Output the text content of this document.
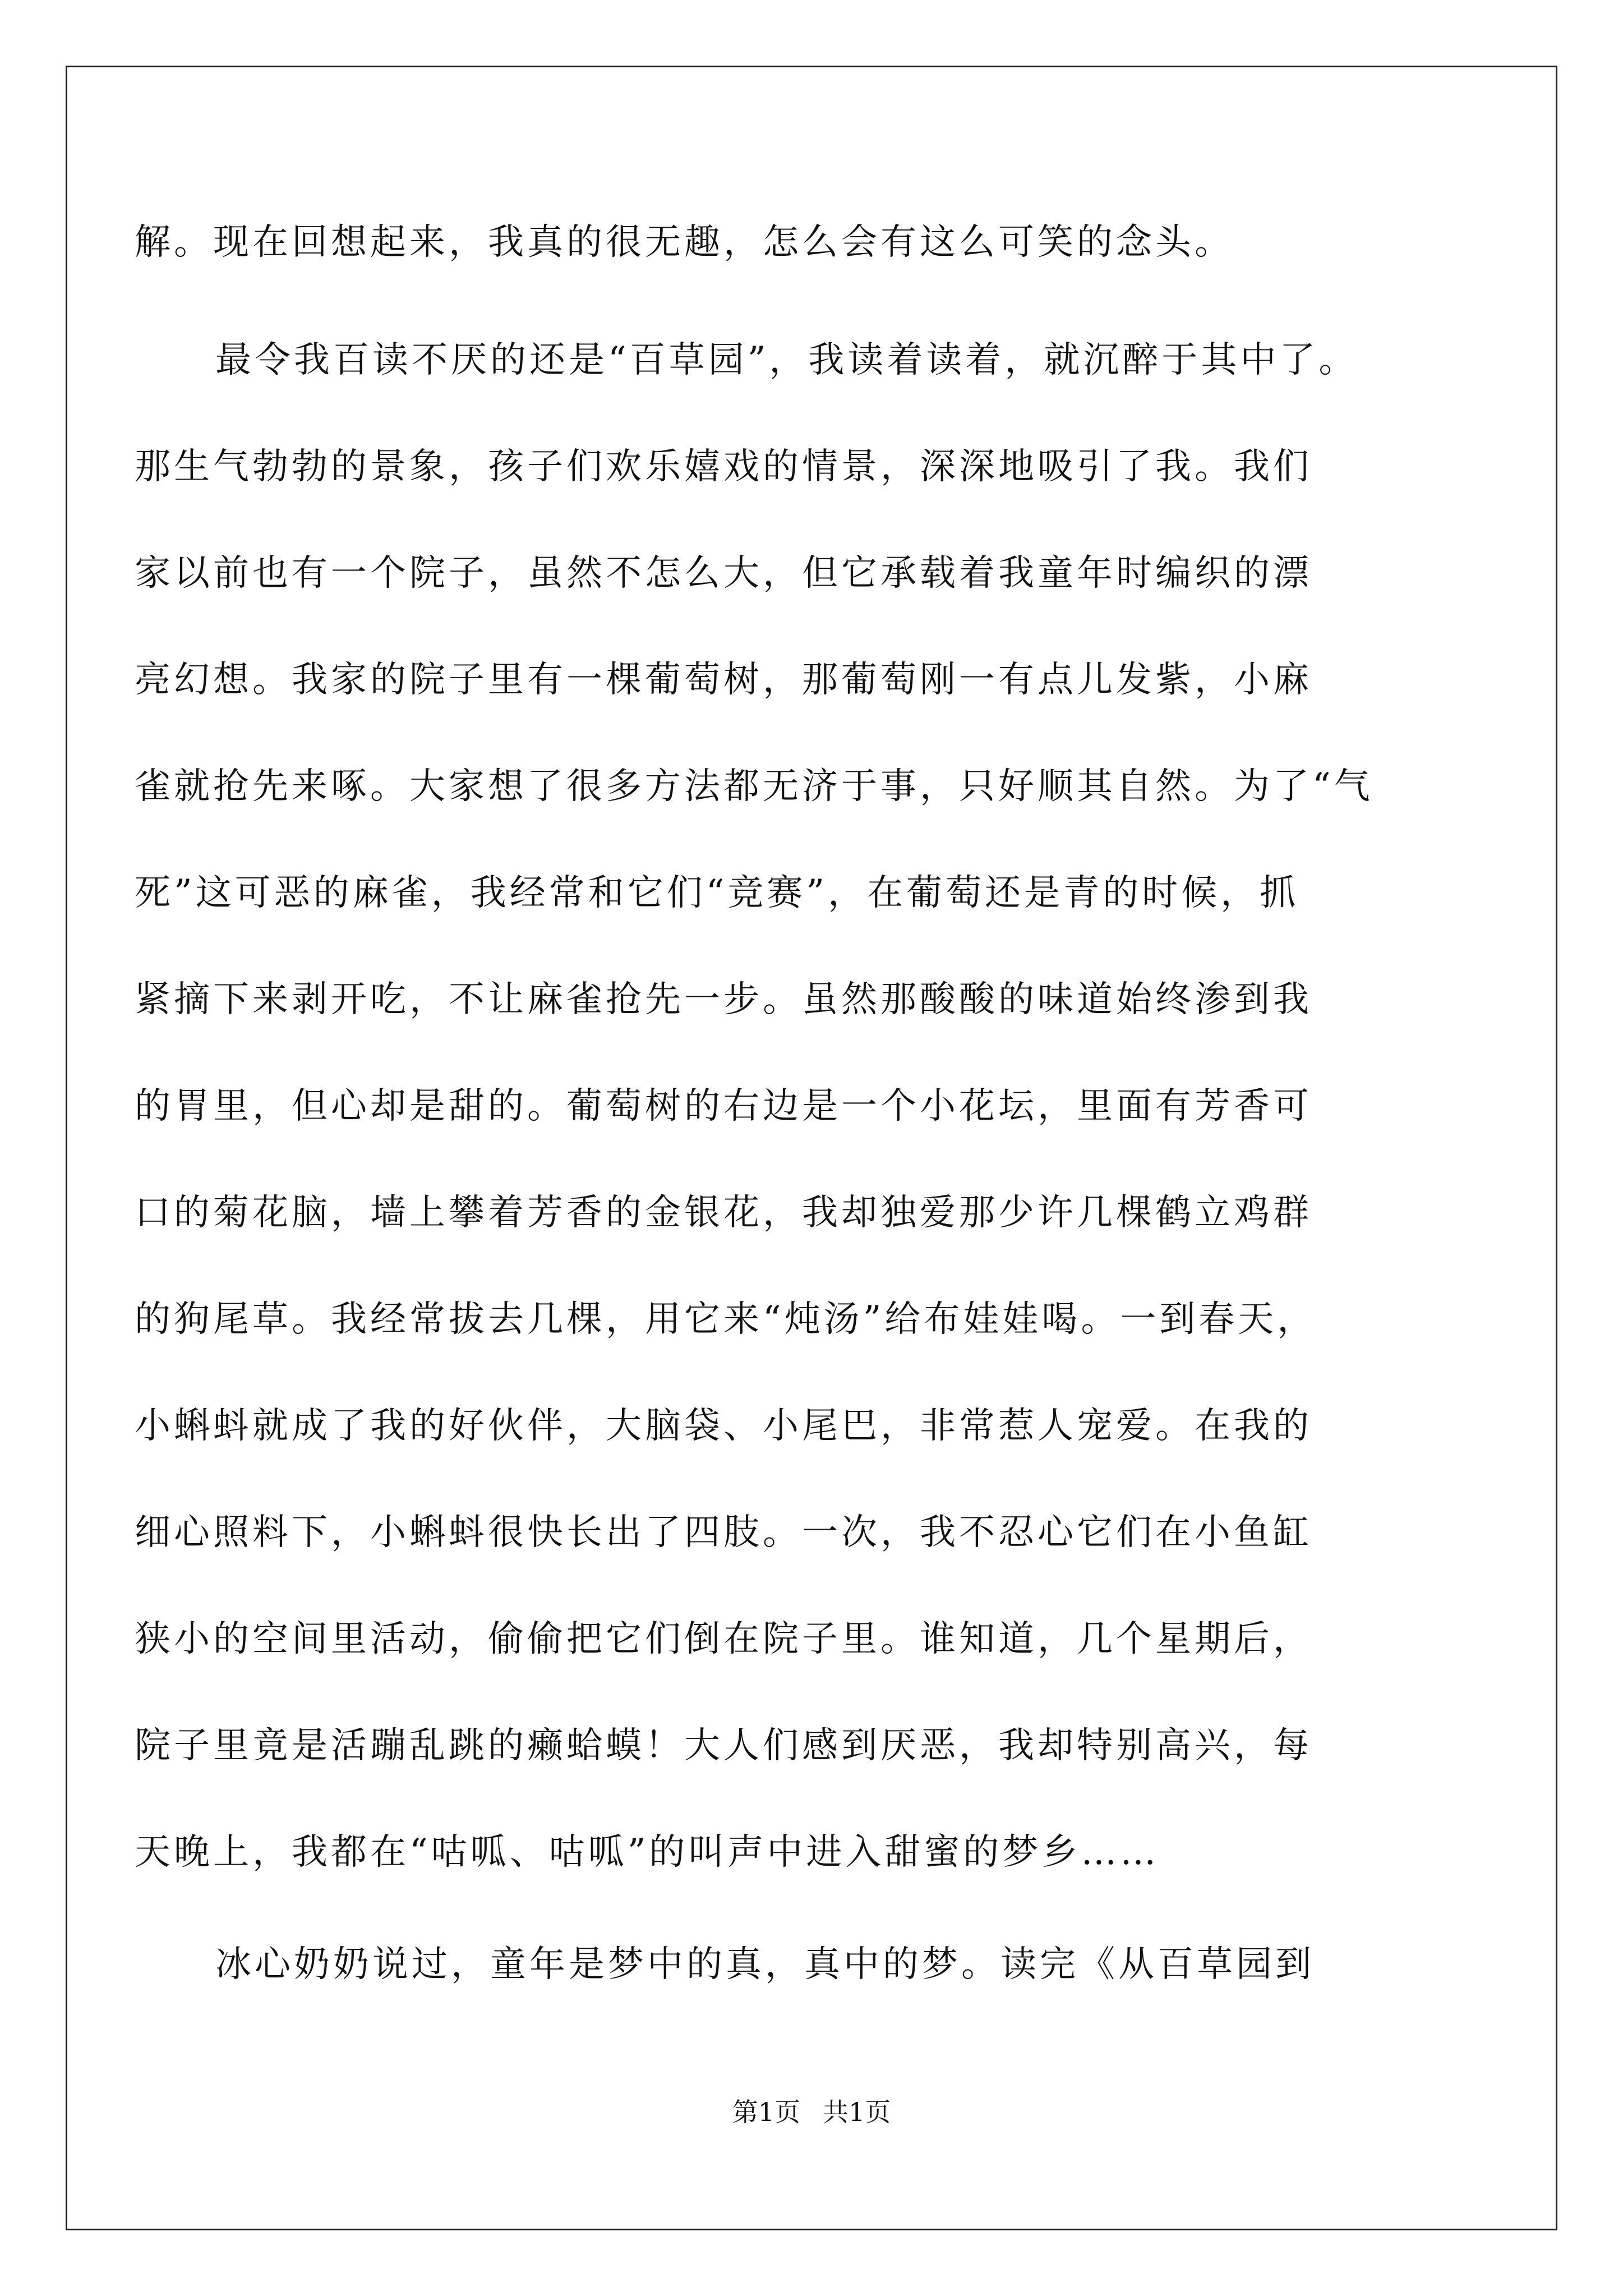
解。现在回想起来，我真的很无趣，怎么会有这么可笑的念头。
最令我百读不厌的还是“百草园”，我读着读着，就沉醉于其中了。
那生气勃勃的景象，孩子们欢乐嬉戏的情景，深深地吸引了我。我们
家以前也有一个院子，虽然不怎么大，但它承载着我童年时编织的漂
亮幻想。我家的院子里有一棵葡萄树，那葡萄刚一有点儿发紫，小麻
雀就抢先来啄。大家想了很多方法都无济于事，只好顺其自然。为了“气
死”这可恶的麻雀，我经常和它们“竞赛”，在葡萄还是青的时候，抓
紧摘下来剥开吃，不让麻雀抢先一步。虽然那酸酸的味道始终渗到我
的胃里，但心却是甜的。葡萄树的右边是一个小花坛，里面有芳香可
口的菊花脑，墙上攀着芳香的金银花，我却独爱那少许几棵鹤立鸡群
的狗尾草。我经常拔去几棵，用它来“炖汤”给布娃娃喝。一到春天，
小蝌蚪就成了我的好伙伴，大脑袋、小尾巴，非常惹人宠爱。在我的
细心照料下，小蝌蚪很快长出了四肢。一次，我不忍心它们在小鱼缸
狭小的空间里活动，偷偷把它们倒在院子里。谁知道，几个星期后，
院子里竟是活蹦乱跳的癞蛤蟆！大人们感到厌恶，我却特别高兴，每
天晚上，我都在“咕呱、咕呱”的叫声中进入甜蜜的梦乡……
冰心奶奶说过，童年是梦中的真，真中的梦。读完《从百草园到
第1页 共1页
